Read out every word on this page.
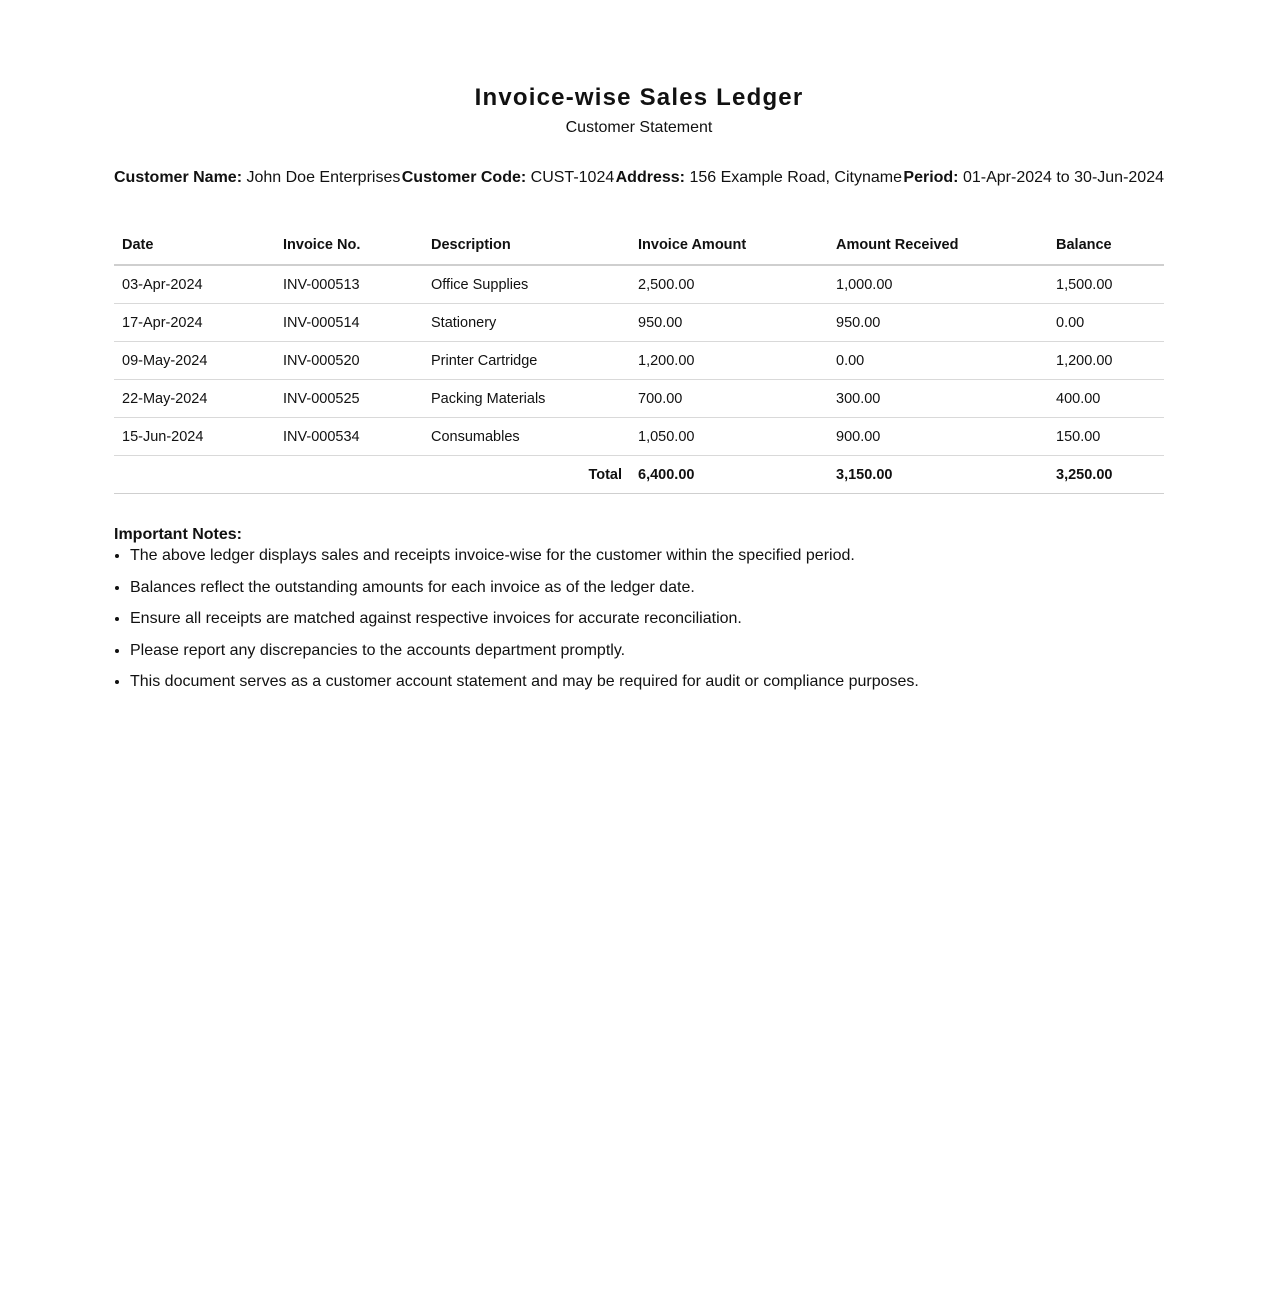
Invoice-wise Sales Ledger
Customer Statement
Customer Name: John Doe Enterprises Customer Code: CUST-1024 Address: 156 Example Road, Cityname Period: 01-Apr-2024 to 30-Jun-2024
Date	Invoice No.	Description	Invoice Amount	Amount Received	Balance
03-Apr-2024	INV-000513	Office Supplies	2,500.00	1,000.00	1,500.00
17-Apr-2024	INV-000514	Stationery	950.00	950.00	0.00
09-May-2024	INV-000520	Printer Cartridge	1,200.00	0.00	1,200.00
22-May-2024	INV-000525	Packing Materials	700.00	300.00	400.00
15-Jun-2024	INV-000534	Consumables	1,050.00	900.00	150.00
Total			6,400.00	3,150.00	3,250.00
Important Notes:
• The above ledger displays sales and receipts invoice-wise for the customer within the specified period.
• Balances reflect the outstanding amounts for each invoice as of the ledger date.
• Ensure all receipts are matched against respective invoices for accurate reconciliation.
• Please report any discrepancies to the accounts department promptly.
• This document serves as a customer account statement and may be required for audit or compliance purposes.
